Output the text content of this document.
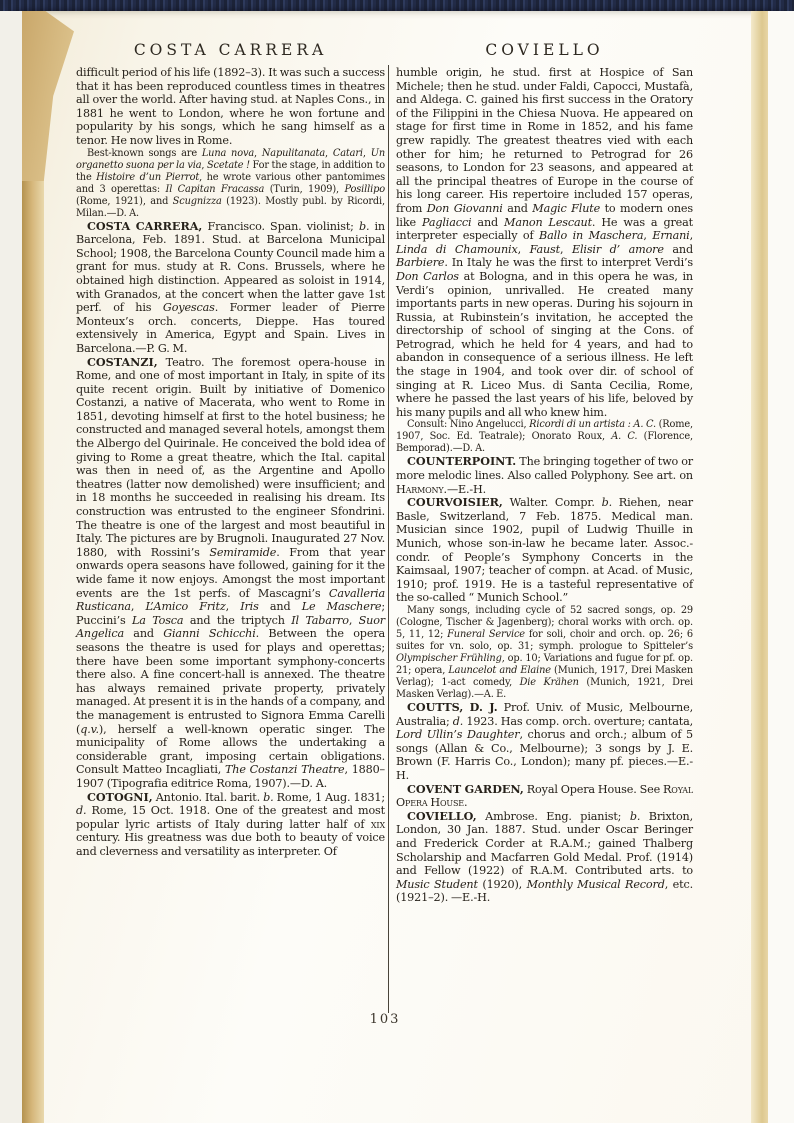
COSTA CARRERA	COVIELLO

difficult period of his life (1892–3). It was such a success that it has been reproduced countless times in theatres all over the world. After having stud. at Naples Cons., in 1881 he went to London, where he won fortune and popularity by his songs, which he sang himself as a tenor. He now lives in Rome.

Best-known songs are Luna nova, Napulitanata, Catari, Un organetto suona per la via, Scetate ! For the stage, in addition to the Histoire d’un Pierrot, he wrote various other pantomimes and 3 operettas: Il Capitan Fracassa (Turin, 1909), Posillipo (Rome, 1921), and Scugnizza (1923). Mostly publ. by Ricordi, Milan.—D. A.

COSTA CARRERA, Francisco. Span. violinist; b. in Barcelona, Feb. 1891. Stud. at Barcelona Municipal School; 1908, the Barcelona County Council made him a grant for mus. study at R. Cons. Brussels, where he obtained high distinction. Appeared as soloist in 1914, with Granados, at the concert when the latter gave 1st perf. of his Goyescas. Former leader of Pierre Monteux’s orch. concerts, Dieppe. Has toured extensively in America, Egypt and Spain. Lives in Barcelona.—P. G. M.

COSTANZI, Teatro. The foremost opera-house in Rome, and one of most important in Italy, in spite of its quite recent origin. Built by initiative of Domenico Costanzi, a native of Macerata, who went to Rome in 1851, devoting himself at first to the hotel business; he constructed and managed several hotels, amongst them the Albergo del Quirinale. He conceived the bold idea of giving to Rome a great theatre, which the Ital. capital was then in need of, as the Argentine and Apollo theatres (latter now demolished) were insufficient; and in 18 months he succeeded in realising his dream. Its construction was entrusted to the engineer Sfondrini. The theatre is one of the largest and most beautiful in Italy. The pictures are by Brugnoli. Inaugurated 27 Nov. 1880, with Rossini’s Semiramide. From that year onwards opera seasons have followed, gaining for it the wide fame it now enjoys. Amongst the most important events are the 1st perfs. of Mascagni’s Cavalleria Rusticana, L’Amico Fritz, Iris and Le Maschere; Puccini’s La Tosca and the triptych Il Tabarro, Suor Angelica and Gianni Schicchi. Between the opera seasons the theatre is used for plays and operettas; there have been some important symphony-concerts there also. A fine concert-hall is annexed. The theatre has always remained private property, privately managed. At present it is in the hands of a company, and the management is entrusted to Signora Emma Carelli (q.v.), herself a well-known operatic singer. The municipality of Rome allows the undertaking a considerable grant, imposing certain obligations. Consult Matteo Incagliati, The Costanzi Theatre, 1880–1907 (Tipografia editrice Roma, 1907).—D. A.

COTOGNI, Antonio. Ital. barit. b. Rome, 1 Aug. 1831; d. Rome, 15 Oct. 1918. One of the greatest and most popular lyric artists of Italy during latter half of xix century. His greatness was due both to beauty of voice and cleverness and versatility as interpreter. Of

humble origin, he stud. first at Hospice of San Michele; then he stud. under Faldi, Capocci, Mustafà, and Aldega. C. gained his first success in the Oratory of the Filippini in the Chiesa Nuova. He appeared on stage for first time in Rome in 1852, and his fame grew rapidly. The greatest theatres vied with each other for him; he returned to Petrograd for 26 seasons, to London for 23 seasons, and appeared at all the principal theatres of Europe in the course of his long career. His repertoire included 157 operas, from Don Giovanni and Magic Flute to modern ones like Pagliacci and Manon Lescaut. He was a great interpreter especially of Ballo in Maschera, Ernani, Linda di Chamounix, Faust, Elisir d’ amore and Barbiere. In Italy he was the first to interpret Verdi’s Don Carlos at Bologna, and in this opera he was, in Verdi’s opinion, unrivalled. He created many importants parts in new operas. During his sojourn in Russia, at Rubinstein’s invitation, he accepted the directorship of school of singing at the Cons. of Petrograd, which he held for 4 years, and had to abandon in consequence of a serious illness. He left the stage in 1904, and took over dir. of school of singing at R. Liceo Mus. di Santa Cecilia, Rome, where he passed the last years of his life, beloved by his many pupils and all who knew him.

Consult: Nino Angelucci, Ricordi di un artista : A. C. (Rome, 1907, Soc. Ed. Teatrale); Onorato Roux, A. C. (Florence, Bemporad).—D. A.

COUNTERPOINT. The bringing together of two or more melodic lines. Also called Polyphony. See art. on Harmony.—E.-H.

COURVOISIER, Walter. Compr. b. Riehen, near Basle, Switzerland, 7 Feb. 1875. Medical man. Musician since 1902, pupil of Ludwig Thuille in Munich, whose son-in-law he became later. Assoc.-condr. of People’s Symphony Concerts in the Kaimsaal, 1907; teacher of compn. at Acad. of Music, 1910; prof. 1919. He is a tasteful representative of the so-called “ Munich School.”

Many songs, including cycle of 52 sacred songs, op. 29 (Cologne, Tischer & Jagenberg); choral works with orch. op. 5, 11, 12; Funeral Service for soli, choir and orch. op. 26; 6 suites for vn. solo, op. 31; symph. prologue to Spitteler’s Olympischer Frühling, op. 10; Variations and fugue for pf. op. 21; opera, Launcelot and Elaine (Munich, 1917, Drei Masken Verlag); 1-act comedy, Die Krähen (Munich, 1921, Drei Masken Verlag).—A. E.

COUTTS, D. J. Prof. Univ. of Music, Melbourne, Australia; d. 1923. Has comp. orch. overture; cantata, Lord Ullin’s Daughter, chorus and orch.; album of 5 songs (Allan & Co., Melbourne); 3 songs by J. E. Brown (F. Harris Co., London); many pf. pieces.—E.-H.

COVENT GARDEN, Royal Opera House. See Royal Opera House.

COVIELLO, Ambrose. Eng. pianist; b. Brixton, London, 30 Jan. 1887. Stud. under Oscar Beringer and Frederick Corder at R.A.M.; gained Thalberg Scholarship and Macfarren Gold Medal. Prof. (1914) and Fellow (1922) of R.A.M. Contributed arts. to Music Student (1920), Monthly Musical Record, etc. (1921–2). —E.-H.

103
